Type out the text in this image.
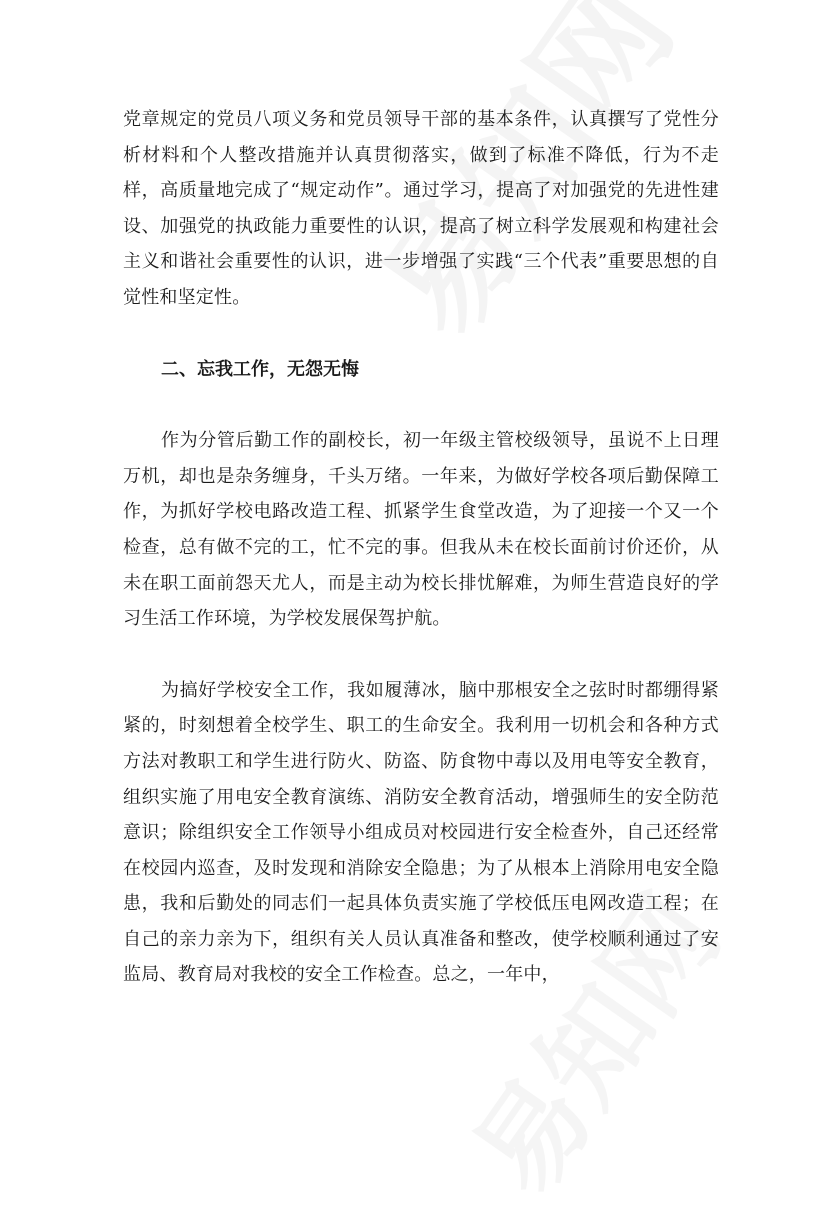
党章规定的党员八项义务和党员领导干部的基本条件，认真撰写了党性分析材料和个人整改措施并认真贯彻落实，做到了标准不降低，行为不走样，高质量地完成了“规定动作”。通过学习，提高了对加强党的先进性建设、加强党的执政能力重要性的认识，提高了树立科学发展观和构建社会主义和谐社会重要性的认识，进一步增强了实践“三个代表”重要思想的自觉性和坚定性。

二、忘我工作，无怨无悔

作为分管后勤工作的副校长，初一年级主管校级领导，虽说不上日理万机，却也是杂务缠身，千头万绪。一年来，为做好学校各项后勤保障工作，为抓好学校电路改造工程、抓紧学生食堂改造，为了迎接一个又一个检查，总有做不完的工，忙不完的事。但我从未在校长面前讨价还价，从未在职工面前怨天尤人，而是主动为校长排忧解难，为师生营造良好的学习生活工作环境，为学校发展保驾护航。

为搞好学校安全工作，我如履薄冰，脑中那根安全之弦时时都绷得紧紧的，时刻想着全校学生、职工的生命安全。我利用一切机会和各种方式方法对教职工和学生进行防火、防盗、防食物中毒以及用电等安全教育，组织实施了用电安全教育演练、消防安全教育活动，增强师生的安全防范意识；除组织安全工作领导小组成员对校园进行安全检查外，自己还经常在校园内巡查，及时发现和消除安全隐患；为了从根本上消除用电安全隐患，我和后勤处的同志们一起具体负责实施了学校低压电网改造工程；在自己的亲力亲为下，组织有关人员认真准备和整改，使学校顺利通过了安监局、教育局对我校的安全工作检查。总之，一年中，
